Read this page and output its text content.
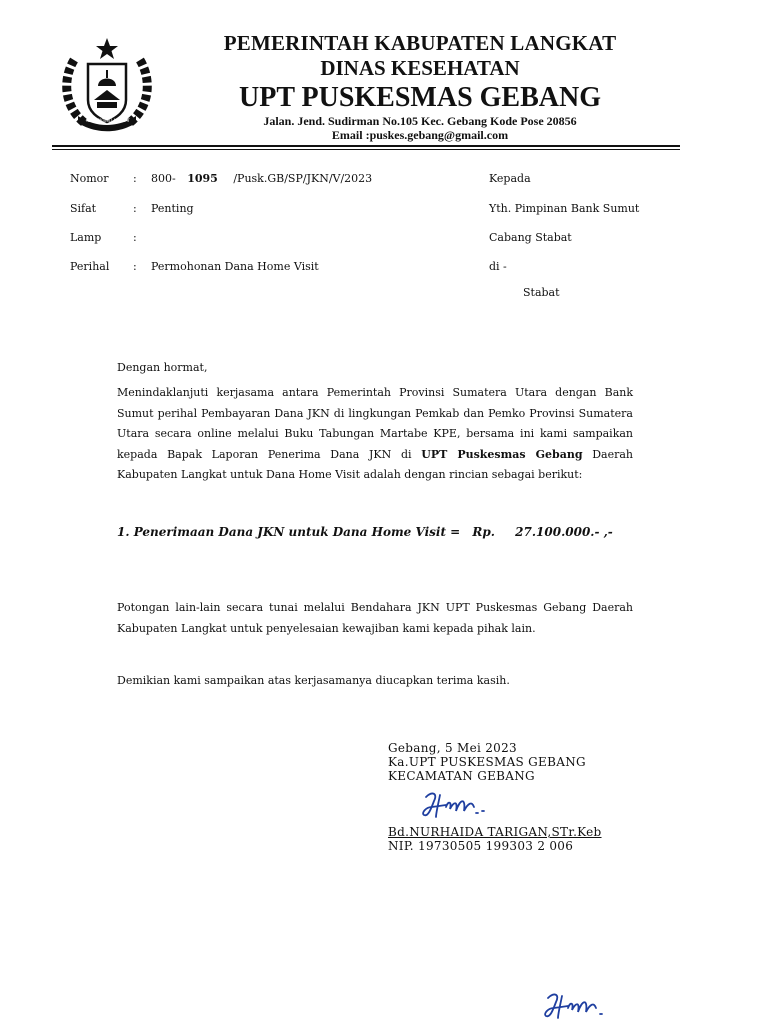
KABUPATEN LANGKAT
PEMERINTAH KABUPATEN LANGKAT
DINAS KESEHATAN
UPT PUSKESMAS GEBANG
Jalan. Jend. Sudirman No.105 Kec. Gebang Kode Pose 20856
Email :puskes.gebang@gmail.com
Nomor : 800- 1095 /Pusk.GB/SP/JKN/V/2023
Sifat	: Penting
Lamp	:
Perihal : Permohonan Dana Home Visit
Kepada
Yth. Pimpinan Bank Sumut
Cabang Stabat
di -
Stabat
Dengan hormat,
Menindaklanjuti kerjasama antara Pemerintah Provinsi Sumatera Utara dengan Bank Sumut perihal Pembayaran Dana JKN di lingkungan Pemkab dan Pemko Provinsi Sumatera Utara secara online melalui Buku Tabungan Martabe KPE, bersama ini kami sampaikan kepada Bapak Laporan Penerima Dana JKN di UPT Puskesmas Gebang Daerah Kabupaten Langkat untuk Dana Home Visit adalah dengan rincian sebagai berikut:
1. Penerimaan Dana JKN untuk Dana Home Visit = Rp. 27.100.000.- ,-
Potongan lain-lain secara tunai melalui Bendahara JKN UPT Puskesmas Gebang Daerah Kabupaten Langkat untuk penyelesaian kewajiban kami kepada pihak lain.
Demikian kami sampaikan atas kerjasamanya diucapkan terima kasih.
Gebang, 5 Mei 2023
Ka.UPT PUSKESMAS GEBANG
KECAMATAN GEBANG
Bd.NURHAIDA TARIGAN,STr.Keb
NIP. 19730505 199303 2 006
